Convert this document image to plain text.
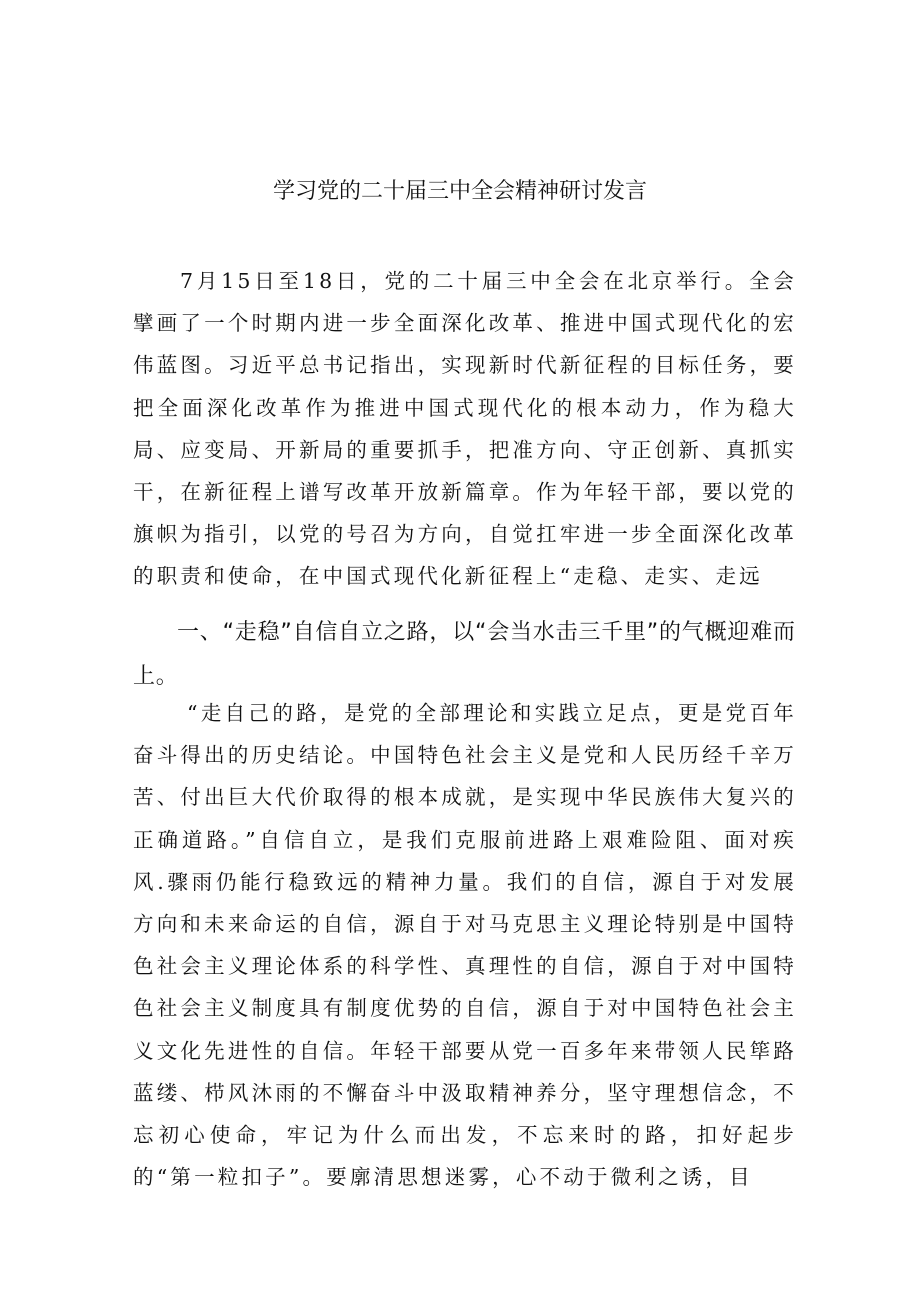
学习党的二十届三中全会精神研讨发言

7月15日至18日，党的二十届三中全会在北京举行。全会擘画了一个时期内进一步全面深化改革、推进中国式现代化的宏伟蓝图。习近平总书记指出，实现新时代新征程的目标任务，要把全面深化改革作为推进中国式现代化的根本动力，作为稳大局、应变局、开新局的重要抓手，把准方向、守正创新、真抓实干，在新征程上谱写改革开放新篇章。作为年轻干部，要以党的旗帜为指引，以党的号召为方向，自觉扛牢进一步全面深化改革的职责和使命，在中国式现代化新征程上“走稳、走实、走远

一、“走稳”自信自立之路，以“会当水击三千里”的气概迎难而上。

“走自己的路，是党的全部理论和实践立足点，更是党百年奋斗得出的历史结论。中国特色社会主义是党和人民历经千辛万苦、付出巨大代价取得的根本成就，是实现中华民族伟大复兴的正确道路。”自信自立，是我们克服前进路上艰难险阻、面对疾风.骤雨仍能行稳致远的精神力量。我们的自信，源自于对发展方向和未来命运的自信，源自于对马克思主义理论特别是中国特色社会主义理论体系的科学性、真理性的自信，源自于对中国特色社会主义制度具有制度优势的自信，源自于对中国特色社会主义文化先进性的自信。年轻干部要从党一百多年来带领人民筚路蓝缕、栉风沐雨的不懈奋斗中汲取精神养分，坚守理想信念，不忘初心使命，牢记为什么而出发，不忘来时的路，扣好起步的“第一粒扣子”。要廓清思想迷雾，心不动于微利之诱，目
